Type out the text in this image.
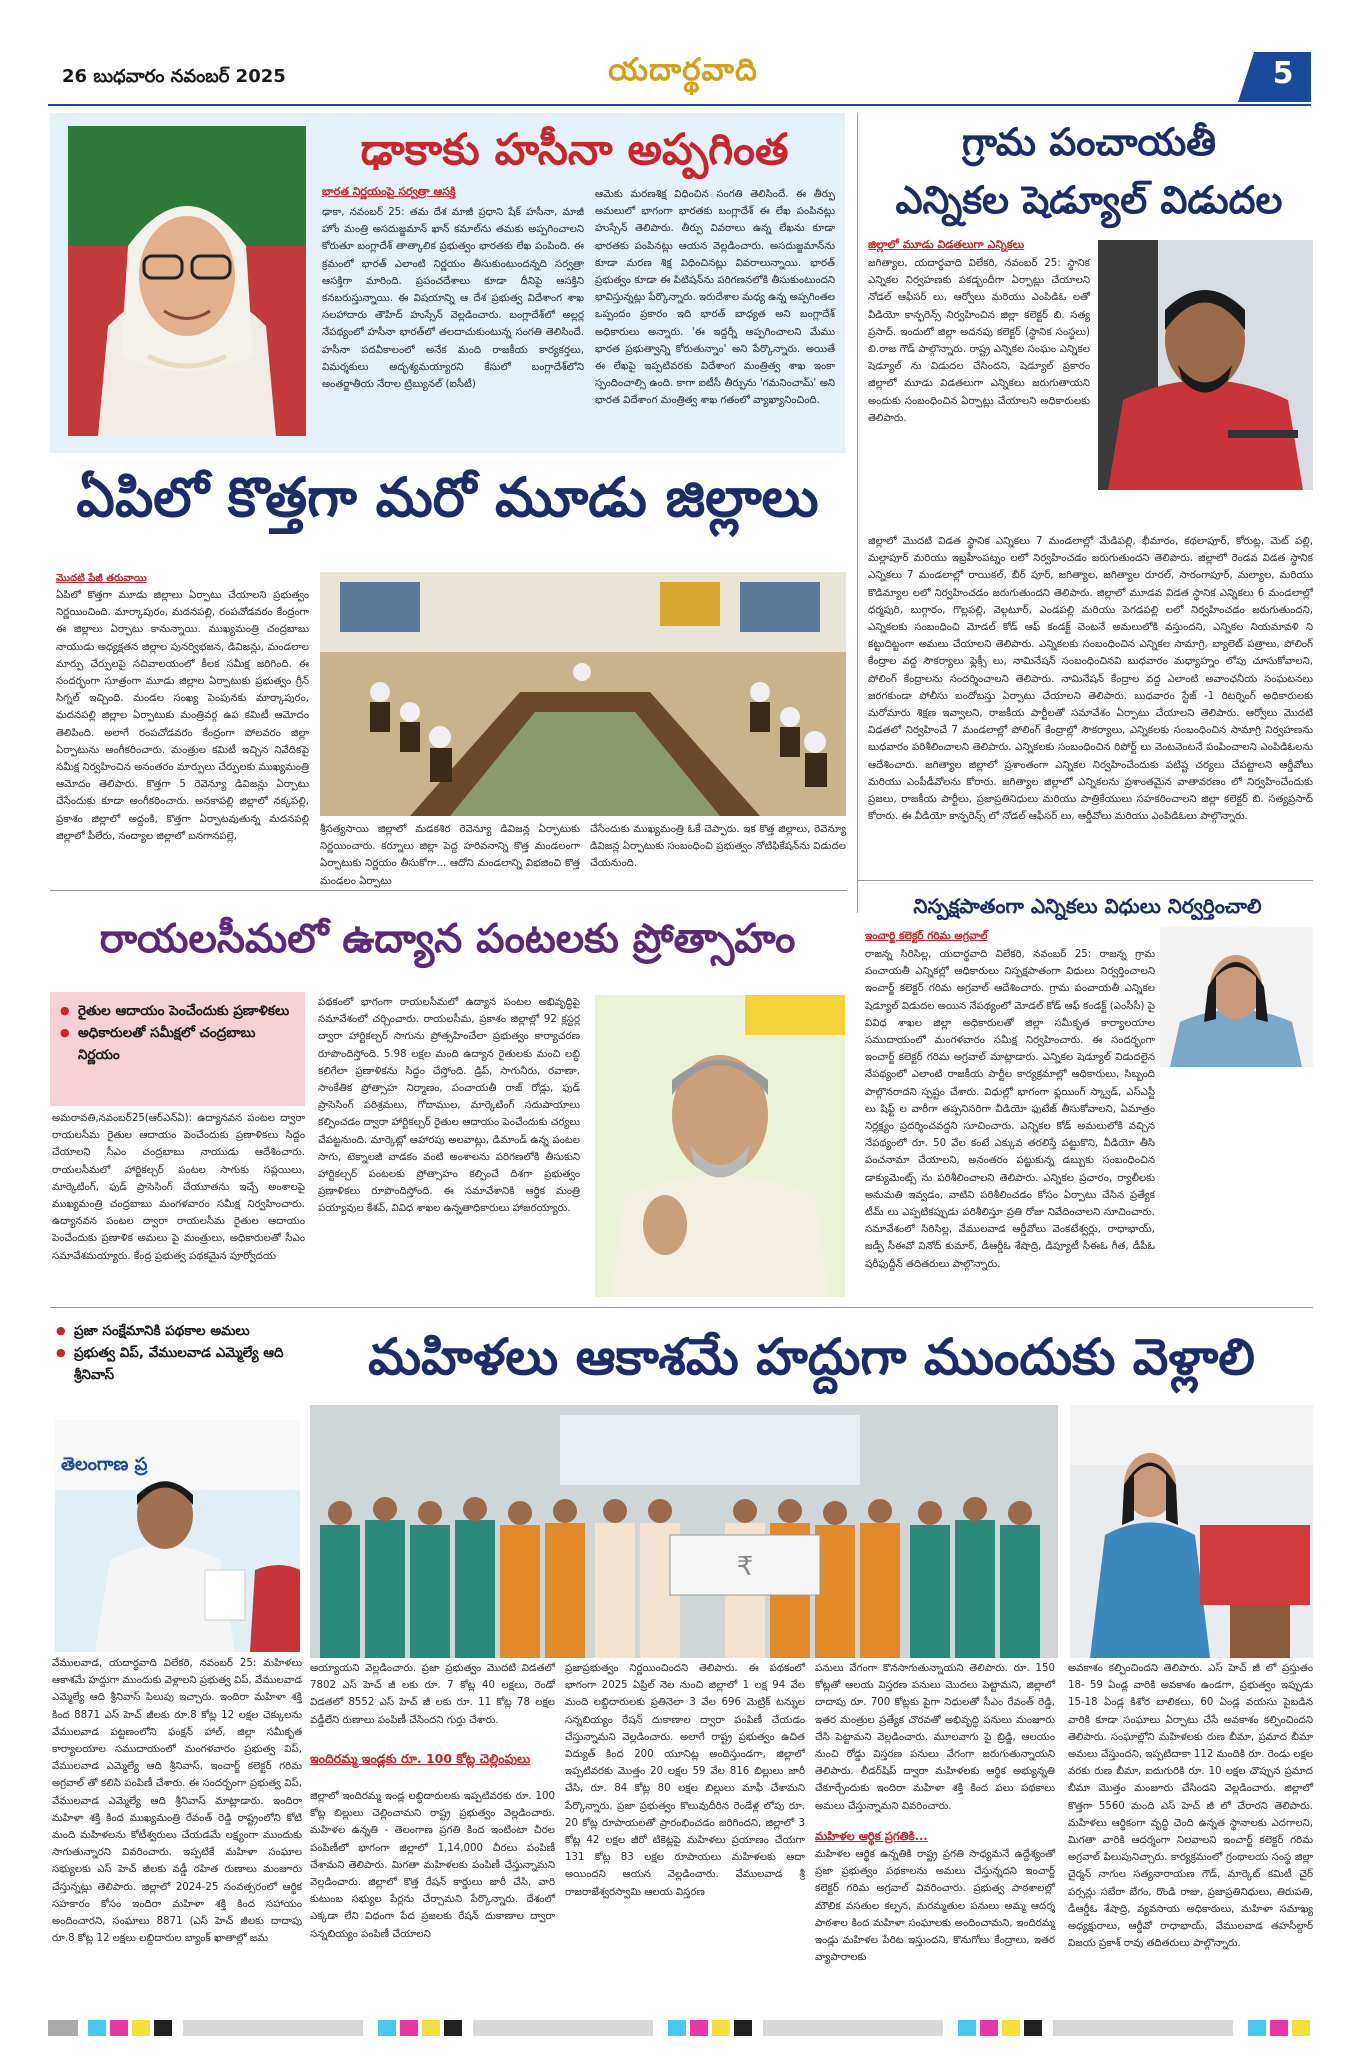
26 బుధవారం నవంబర్ 2025	యదార్థవాది	5
ఢాకాకు హసీనా అప్పగింత
భారత నిర్ణయంపై సర్వత్రా ఆసక్తి
ఢాకా, నవంబర్ 25: తమ దేశ మాజీ ప్రధాని షేక్ హసీనా, మాజీ హోం మంత్రి అసదుజ్జమాన్ ఖాన్ కమాల్‌ను తమకు అప్పగించాలని కోరుతూ బంగ్లాదేశ్ తాత్కాలిక ప్రభుత్వం భారతకు లేఖ పంపింది. ఈ క్రమంలో భారత్ ఎలాంటి నిర్ణయం తీసుకుంటుందన్నది సర్వత్రా ఆసక్తిగా మారింది. ప్రపంచదేశాలు కూడా దీనిపై ఆసక్తిని కనబరుస్తున్నాయి. ఈ విషయాన్ని ఆ దేశ ప్రభుత్వ విదేశాంగ శాఖ సలహాదారు తౌహిద్ హుస్సేన్ వెల్లడించారు. బంగ్లాదేశ్‌లో అల్లర్ల నేపథ్యంలో హసీనా భారత్‌లో తలదాచుకుంటున్న సంగతి తెలిసిందే. హసీనా పదవీకాలంలో అనేక మంది రాజకీయ కార్యకర్తలు, విమర్శకులు అదృశ్యమయ్యారని కేసులో బంగ్లాదేశ్‌లోని అంతర్జాతీయ నేరాల ట్రిబ్యునల్ (ఐసీటీ)
ఆమెకు మరణశిక్ష విధించిన సంగతి తెలిసిందే. ఈ తీర్పు అమలులో భాగంగా భారతకు బంగ్లాదేశ్ ఈ లేఖ పంపినట్లు హుస్సేన్ తెలిపారు. తీర్పు వివరాలు ఉన్న లేఖను కూడా భారతకు పంపినట్లు ఆయన వెల్లడించారు. అసదుజ్జమాన్‌ను కూడా మరణ శిక్ష విధించినట్లు వివరాలున్నాయి. భారత్ ప్రభుత్వం కూడా ఈ పిటిషన్‌ను పరిగణనలోకి తీసుకుంటుందని భావిస్తున్నట్లు పేర్కొన్నారు. ఇరుదేశాల మధ్య ఉన్న అప్పగింతల ఒప్పందం ప్రకారం ఇది భారత్ బాధ్యత అని బంగ్లాదేశ్ అధికారులు అన్నారు. 'ఈ ఇద్దర్నీ అప్పగించాలని మేము భారత ప్రభుత్వాన్ని కోరుతున్నాం' అని పేర్కొన్నారు. అయితే ఈ లేఖపై ఇప్పటివరకు విదేశాంగ మంత్రిత్వ శాఖ ఇంకా స్పందించాల్సి ఉంది. కాగా ఐటీసీ తీర్పును 'గమనించామ్' అని భారత విదేశాంగ మంత్రిత్వ శాఖ గతంలో వ్యాఖ్యానించింది.
గ్రామ పంచాయతీ
ఎన్నికల షెడ్యూల్ విడుదల
జిల్లాలో మూడు విడతలుగా ఎన్నికలు
జగిత్యాల, యదార్థవాది విలేకరి, నవంబర్ 25: స్థానిక ఎన్నికల నిర్వహణకు పకడ్బందీగా ఏర్పాట్లు చేయాలని నోడల్ ఆఫీసర్ లు, ఆర్వోలు మరియు ఎంపిడిఓ లతో వీడియో కాన్ఫరెన్స్ నిర్వహించిన జిల్లా కలెక్టర్ బి. సత్య ప్రసాద్. ఇందులో జిల్లా అదనపు కలెక్టర్ (స్థానిక సంస్థలు) బి.రాజ గౌడ్ పాల్గొన్నారు. రాష్ట్ర ఎన్నికల సంఘం ఎన్నికల షెడ్యూల్ ను విడుదల చేసిందని, షెడ్యూల్ ప్రకారం జిల్లాలో మూడు విడతలుగా ఎన్నికలు జరుగుతాయని అందుకు సంబంధించిన ఏర్పాట్లు చేయాలని అధికారులకు తెలిపారు.
జిల్లాలో మొదటి విడత స్థానిక ఎన్నికలు 7 మండలాల్లో మేడిపల్లి, భీమారం, కథలాపూర్, కోరుట్ల, మెట్ పల్లి, మల్లాపూర్ మరియు ఇబ్రహీంపట్నం లలో నిర్వహించడం జరుగుతుందని తెలిపారు. జిల్లాలో రెండవ విడత స్థానిక ఎన్నికలు 7 మండలాల్లో రాయికల్, బీర్ పూర్, జగిత్యాల, జగిత్యాల రూరల్, సారంగాపూర్, మల్యాల, మరియు కొడిమ్యాల లలో నిర్వహించడం జరుగుతుందని తెలిపారు. జిల్లాలో మూడవ విడత స్థానిక ఎన్నికలు 6 మండలాల్లో ధర్మపురి, బుగ్గారం, గొల్లపల్లి, వెల్గటూర్, ఎండపల్లి మరియు పెగడపల్లి లలో నిర్వహించడం జరుగుతుందని, ఎన్నికలకు సంబంధించి మోడల్ కోడ్ ఆఫ్ కండక్ట్ వెంటనే అమలులోకి వస్తుందని, ఎన్నికల నియమావళి ని కట్టుదిట్టంగా అమలు చేయాలని తెలిపారు. ఎన్నికలకు సంబంధించిన ఎన్నికల సామాగ్రి, బ్యాలెట్ పత్రాలు, పోలింగ్ కేంద్రాల వద్ద సౌకర్యాలు ఫ్లెక్సీ లు, నామినేషన్ సంబంధించినవి బుధవారం మధ్యాహ్నం లోపు చూసుకోవాలని, పోలింగ్ కేంద్రాలను సందర్శించాలని తెలిపారు. నామినేషన్ కేంద్రాల వద్ద ఎలాంటి అవాంఛనీయ సంఘటనలు జరగకుండా పోలీసు బందోబస్తు ఏర్పాటు చేయాలని తెలిపారు. బుధవారం స్టేజ్ -1 రిటర్నింగ్ అధికారులకు మరోమారు శిక్షణ ఇవ్వాలని, రాజకీయ పార్టీలతో సమావేశం ఏర్పాటు చేయాలని తెలిపారు. ఆర్వోలు మొదటి విడతలో నిర్వహించే 7 మండలాల్లో పోలింగ్ కేంద్రాల్లో సౌకర్యాలు, ఎన్నికలకు సంబంధించిన సామాగ్రి నిర్వహణను బుధవారం పరిశీలించాలని తెలిపారు. ఎన్నికలకు సంబంధించిన రిపోర్ట్ లు వెంటవెంటనే పంపించాలని ఎంపిడిఓలను ఆదేశించారు. జగిత్యాల జిల్లాలో ప్రశాంతంగా ఎన్నికల నిర్వహించేందుకు పటిష్ట చర్యలు చేపట్టాలని ఆర్డీవోలు మరియు ఎంపీడీవోలను కోరారు. జగిత్యాల జిల్లాలో ఎన్నికలను ప్రశాంతమైన వాతావరణం లో నిర్వహించేందుకు ప్రజలు, రాజకీయ పార్టీలు, ప్రజాప్రతినిధులు మరియు పాత్రికేయులు సహకరించాలని జిల్లా కలెక్టర్ బి. సత్యప్రసాద్ కోరారు. ఈ వీడియో కాన్ఫరెన్స్ లో నోడల్ ఆఫీసర్ లు, ఆర్డీవోలు మరియు ఎంపిడిఓలు పాల్గొన్నారు.
ఏపిలో కొత్తగా మరో మూడు జిల్లాలు
మొదటి పేజీ తరువాయి
ఏపిలో కొత్తగా మూడు జిల్లాలు ఏర్పాటు చేయాలని ప్రభుత్వం నిర్ణయించింది. మార్కాపురం, మదనపల్లి, రంపచోడవరం కేంద్రంగా ఈ జిల్లాలు ఏర్పాటు కానున్నాయి. ముఖ్యమంత్రి చంద్రబాబు నాయుడు అధ్యక్షతన జిల్లాల పునర్విభజన, డివిజన్లు, మండలాల మార్పు చేర్పులపై సచివాలయంలో కీలక సమీక్ష జరిగింది. ఈ సందర్భంగా సూత్రంగా మూడు జిల్లాల ఏర్పాటుకు ప్రభుత్వం గ్రీన్ సిగ్నల్ ఇచ్చింది. మండల సంఖ్య పెంపునకు మార్కాపురం, మదనపల్లి జిల్లాల ఏర్పాటుకు మంత్రివర్గ ఉప కమిటీ ఆమోదం తెలిపింది. అలాగే రంపచోడవరం కేంద్రంగా పోలవరం జిల్లా ఏర్పాటును అంగీకరించారు. మంత్రుల కమిటీ ఇచ్చిన నివేదికపై సమీక్ష నిర్వహించిన అనంతరం మార్పులు చేర్పులకు ముఖ్యమంత్రి ఆమోదం తెలిపారు. కొత్తగా 5 రెవెన్యూ డివిజన్లు ఏర్పాటు చేసేందుకు కూడా అంగీకరించారు. అనకాపల్లి జిల్లాలో నక్కపల్లి, ప్రకాశం జిల్లాలో అద్దంకి, కొత్తగా ఏర్పాటవుతున్న మదనపల్లి జిల్లాలో పీలేరు, నంద్యాల జిల్లాలో బనగానపల్లె,
శ్రీసత్యసాయి జిల్లాలో మడకశిర రెవెన్యూ డివిజన్ల ఏర్పాటుకు నిర్ణయించారు. కర్నూలు జిల్లా పెద్ద హరివనాన్ని కొత్త మండలంగా ఏర్పాటుకు నిర్ణయం తీసుకోగా... ఆదోని మండలాన్ని విభజించి కొత్త మండలం ఏర్పాటు
చేసేందుకు ముఖ్యమంత్రి ఓకే చెప్పారు. ఇక కొత్త జిల్లాలు, రెవెన్యూ డివిజన్ల ఏర్పాటుకు సంబంధించి ప్రభుత్వం నోటిఫికేషన్‌ను విడుదల చేయనుంది.
రాయలసీమలో ఉద్యాన పంటలకు ప్రోత్సాహం
● రైతుల ఆదాయం పెంచేందుకు ప్రణాళికలు
● అధికారులతో సమీక్షలో చంద్రబాబు నిర్ణయం
అమరావతి,నవంబర్25(ఆర్ఎన్ఏ): ఉద్యానవన పంటల ద్వారా రాయలసీమ రైతుల ఆదాయం పెంచేందుకు ప్రణాళికలు సిద్దం చేయాలని సీఎం చంద్రబాబు నాయుడు ఆదేశించారు. రాయలసీమలో హార్టికల్చర్ పంటల సాగుకు సప్లయిలు, మార్కెటింగ్, ఫుడ్ ప్రాసెసింగ్ చేయూతను ఇచ్చే అంశాలపై ముఖ్యమంత్రి చంద్రబాబు మంగళవారం సమీక్ష నిర్వహించారు. ఉద్యానవన పంటల ద్వారా రాయలసీమ రైతుల ఆదాయం పెంచేందుకు ప్రణాళిక అమలు పై మంత్రులు, అధికారులతో సీఎం సమావేశమయ్యారు. కేంద్ర ప్రభుత్వ పథకమైన పూర్వోదయ
పథకంలో భాగంగా రాయలసీమలో ఉద్యాన పంటల అభివృద్ధిపై సమావేశంలో చర్చించారు. రాయలసీమ, ప్రకాశం జిల్లాల్లో 92 క్లస్టర్ల ద్వారా హార్టికల్చర్ సాగును ప్రోత్సహించేలా ప్రభుత్వం కార్యాచరణ రూపొందిస్తోంది. 5.98 లక్షల మంది ఉద్యాన రైతులకు మంచి లబ్ధి కలిగేలా ప్రణాళికను సిద్ధం చేస్తోంది. డ్రిప్, సాగునీరు, రవాణా, సాంకేతిక ప్రోత్సాహ నిర్మాణం, పంచాయతీ రాజ్ రోడ్లు, ఫుడ్ ప్రాసెసింగ్ పరిశ్రమలు, గోదాముల, మార్కెటింగ్ సదుపాయాలు కల్పించడం ద్వారా హార్టికల్చర్ రైతుల ఆదాయం పెంచేందుకు చర్యలు చేపట్టనుంది. మార్కెట్లో ఆహారపు అలవాట్లు, డిమాండ్ ఉన్న పంటల సాగు, టెక్నాలజీ వాడకం వంటి అంశాలను పరిగణలోకి తీసుకుని హార్టికల్చర్ పంటలకు ప్రోత్సాహం కల్పించే దిశగా ప్రభుత్వం ప్రణాళికలు రూపొందిస్తోంది. ఈ సమావేశానికి ఆర్థిక మంత్రి పయ్యావుల కేశవ్, వివిధ శాఖల ఉన్నతాధికారులు హాజరయ్యారు.
నిస్పక్షపాతంగా ఎన్నికలు విధులు నిర్వర్తించాలి
ఇంచార్జి కలెక్టర్ గరిమ అగ్రవాల్
రాజన్న సిరిసిల్ల, యదార్థవాది విలేకరి, నవంబర్ 25: రాజన్న గ్రామ పంచాయతీ ఎన్నికల్లో అధికారులు నిస్పక్షపాతంగా విధులు నిర్వర్తించాలని ఇంచార్జ్ కలెక్టర్ గరిమ అగ్రవాల్ ఆదేశించారు. గ్రామ పంచాయతీ ఎన్నికల షెడ్యూల్ విడుదల అయిన నేపథ్యంలో మోడల్ కోడ్ ఆఫ్ కండక్ట్ (ఎంసీసీ) పై వివిధ శాఖల జిల్లా అధికారులతో జిల్లా సమీకృత కార్యాలయాల సముదాయంలో మంగళవారం సమీక్ష నిర్వహించారు. ఈ సందర్భంగా ఇంచార్జ్ కలెక్టర్ గరిమ అగ్రవాల్ మాట్లాడారు. ఎన్నికల షెడ్యూల్ విడుదలైన నేపథ్యంలో ఎలాంటి రాజకీయ పార్టీల కార్యక్రమాల్లో అధికారులు, సిబ్బంది పాల్గొనరాదని స్పష్టం చేశారు. విధుల్లో భాగంగా ఫ్లయింగ్ స్క్వాడ్, ఎస్ఎస్టీ లు షిఫ్ట్ ల వారీగా తప్పనిసరిగా వీడియో ఫుటేజ్ తీసుకోవాలని, ఏమాత్రం నిర్లక్ష్యం ప్రదర్శించవద్దని సూచించారు. ఎన్నికల కోడ్ అమలులోకి వచ్చిన నేపథ్యంలో రూ. 50 వేల కంటే ఎక్కువ తరలిస్తే పట్టుకొని, వీడియో తీసి పంచనామా చేయాలని, అనంతరం పట్టుకున్న డబ్బుకు సంబంధించిన డాక్యుమెంట్స్ ను పరిశీలించాలని తెలిపారు. ఎన్నికల ప్రచారం, ర్యాలీలకు అనుమతి ఇవ్వడం, వాటిని పరిశీలించడం కోసం ఏర్పాటు చేసిన ప్రత్యేక టీమ్ లు ఎప్పటికప్పుడు పరిశీలిస్తూ ప్రతి రోజు నివేదించాలని సూచించారు. సమావేశంలో సిరిసిల్ల, వేములవాడ ఆర్డీవోలు వెంకటేశ్వర్లు, రాధాభాయ్, జడ్పీ సీఈవో వినోద్ కుమార్, డీఆర్డీఓ శేషాద్రి, డిప్యూటీ సీఈఓ గీత, డీపీఓ షరీఫుద్దీన్ తదితరులు పాల్గొన్నారు.
● ప్రజా సంక్షేమానికి పథకాల అమలు
● ప్రభుత్వ విప్, వేములవాడ ఎమ్మెల్యే ఆది శ్రీనివాస్	మహిళలు ఆకాశమే హద్దుగా ముందుకు వెళ్లాలి
తెలంగాణ ప్ర
వేములవాడ, యదార్థవాది విలేకరి, నవంబర్ 25: మహిళలు ఆకాశమే హద్దుగా ముందుకు వెళ్లాలని ప్రభుత్వ విప్, వేములవాడ ఎమ్మెల్యే ఆది శ్రీనివాస్ పిలుపు ఇచ్చారు. ఇందిరా మహిళా శక్తి కింద 8871 ఎస్ హెచ్ జీలకు రూ.8 కోట్ల 12 లక్షల చెక్కులను వేములవాడ పట్టణంలోని ఫంక్షన్ హాల్, జిల్లా సమీకృత కార్యాలయాల సముదాయంలో మంగళవారం ప్రభుత్వ విప్, వేములవాడ ఎమ్మెల్యే ఆది శ్రీనివాస్, ఇంచార్జ్ కలెక్టర్ గరిమ అగ్రవాల్ తో కలిసి పంపిణీ చేశారు. ఈ సందర్భంగా ప్రభుత్వ విప్, వేములవాడ ఎమ్మెల్యే ఆది శ్రీనివాస్ మాట్లాడారు. ఇందిరా మహిళా శక్తి కింద ముఖ్యమంత్రి రేవంత్ రెడ్డి రాష్ట్రంలోని కోటి మంది మహిళలను కోటీశ్వరులు చేయడమే లక్ష్యంగా ముందుకు సాగుతున్నారని వివరించారు. ఇప్పటికే మహిళా సంఘాల సభ్యులకు ఎస్ హెచ్ జీలకు వడ్డీ రహిత రుణాలు మంజూరు చేస్తున్నట్లు తెలిపారు. జిల్లాలో 2024-25 సంవత్సరంలో ఆర్థిక సహకారం కోసం ఇందిరా మహిళా శక్తి కింద సహాయం అందించారని, సంఘాలు 8871 (ఎస్ హెచ్ జీలకు దాదాపు రూ.8 కోట్ల 12 లక్షలు లబ్దిదారుల బ్యాంక్ ఖాతాల్లో జమ
₹
అయ్యాయని వెల్లడించారు. ప్రజా ప్రభుత్వం మొదటి విడతలో 7802 ఎస్ హెచ్ జీ లకు రూ. 7 కోట్ల 40 లక్షలు, రెండో విడతలో 8552 ఎస్ హెచ్ జీ లకు రూ. 11 కోట్ల 78 లక్షల వడ్డీలేని రుణాలు పంపిణీ చేసిందని గుర్తు చేశారు.
ఇందిరమ్మ ఇండ్లకు రూ. 100 కోట్ల చెల్లింపులు
జిల్లాలో ఇందిరమ్మ ఇండ్ల లబ్ధిదారులకు ఇప్పటివరకు రూ. 100 కోట్ల బిల్లులు చెల్లించామని రాష్ట్ర ప్రభుత్వం వెల్లడించారు. మహిళల ఉన్నతి - తెలంగాణ ప్రగతి కింద ఇంటింటా చీరల పంపిణీలో భాగంగా జిల్లాలో 1,14,000 చీరలు పంపిణీ చేశామని తెలిపారు. మిగతా మహిళలకు పంపిణీ చేస్తున్నామని వెల్లడించారు. జిల్లాలో కొత్త రేషన్ కార్డులు జారీ చేసి, వారి కుటుంబ సభ్యుల పేర్లను చేర్చామని పేర్కొన్నారు. దేశంలో ఎక్కడా లేని విధంగా పేద ప్రజలకు రేషన్ దుకాణాల ద్వారా సన్నబియ్యం పంపిణీ చేయాలని
ప్రజాప్రభుత్వం నిర్ణయించిందని తెలిపారు. ఈ పథకంలో భాగంగా 2025 ఏప్రిల్ నెల నుంచి జిల్లాలో 1 లక్ష 94 వేల మంది లబ్దిదారులకు ప్రతినెలా 3 వేల 696 మెట్రిక్ టన్నుల సన్నబియ్యం రేషన్ దుకాణాల ద్వారా పంపిణీ చేయడం చేస్తున్నామని వెల్లడించారు. అలాగే రాష్ట్ర ప్రభుత్వం ఉచిత విద్యుత్ కింద 200 యూనిట్ల అందిస్తుండగా, జిల్లాలో ఇప్పటివరకు మొత్తం 20 లక్షల 59 వేల 816 బిల్లులు జారీ చేసి, రూ. 84 కోట్ల 80 లక్షల బిల్లులు మాఫీ చేశామని పేర్కొన్నారు. ప్రజా ప్రభుత్వం కొలువుదీరిన రెండేళ్ల లోపు రూ. 20 కోట్ల రూపాయలతో ప్రారంభించడం జరిగిందని, జిల్లాలో 3 కోట్ల 42 లక్షల జీరో టికెట్లపై మహిళలు ప్రయాణం చేయగా 131 కోట్ల 83 లక్షల రూపాయలు మహిళలకు ఆదా అయిందని ఆయన వెల్లడించారు. వేములవాడ శ్రీ రాజరాజేశ్వరస్వామి ఆలయ విస్తరణ
పనులు వేగంగా కొనసాగుతున్నాయని తెలిపారు. రూ. 150 కోట్లతో ఆలయ విస్తరణ పనులు మొదలు పెట్టామని, జిల్లాలో దాదాపు రూ. 700 కోట్లకు పైగా నిధులతో సీఎం రేవంత్ రెడ్డి, ఇతర మంత్రుల ప్రత్యేక చొరవతో అభివృద్ధి పనులు మంజూరు చేసి పెట్టామని వెల్లడించారు. మూలవాగు పై బ్రిడ్జి, ఆలయం నుంచి రోడ్డు విస్తరణ పనులు వేగంగా జరుగుతున్నాయని తెలిపారు. లీడర్‌షిప్ ద్వారా మహిళలకు ఆర్థిక అభ్యున్నతి చేకూర్చేందుకు ఇందిరా మహిళా శక్తి కింద పలు పథకాలు అమలు చేస్తున్నామని వివరించారు.
మహిళల ఆర్థిక ప్రగతికి...
మహిళల ఆర్థిక ఉన్నతికి రాష్ట్ర ప్రగతి సాధ్యమనే ఉద్దేశ్యంతో ప్రజా ప్రభుత్వం పథకాలను అమలు చేస్తున్నదని ఇంచార్జ్ కలెక్టర్ గరిమ అగ్రవాల్ వివరించారు. ప్రభుత్వ పాఠశాలల్లో మౌలిక వసతుల కల్పన, మరమ్మతుల పనులు అమ్మ ఆదర్శ పాఠశాల కింద మహిళా సంఘాలకు అందించామని, ఇందిరమ్మ ఇండ్లు మహిళల పేరిట ఇస్తుందని, కొనుగోలు కేంద్రాలు, ఇతర వ్యాపారాలకు
అవకాశం కల్పించిందని తెలిపారు. ఎస్ హెచ్ జీ లో ప్రస్తుతం 18- 59 ఏండ్ల వారికి అవకాశం ఉండగా, ప్రభుత్వం ఇప్పుడు 15-18 ఏండ్ల కిశోర బాలికలు, 60 ఏండ్ల వయసు పైబడిన వారికి కూడా సంఘాలు ఏర్పాటు చేసే అవకాశం కల్పించిందని తెలిపారు. సంఘాల్లోని మహిళలకు రుణ బీమా, ప్రమాద బీమా అమలు చేస్తుందని, ఇప్పటిదాకా 112 మందికి రూ. రెండు లక్షల వరకు రుణ బీమా, ఐదుగురికి రూ. 10 లక్షల చొప్పున ప్రమాద బీమా మొత్తం మంజూరు చేసిందని వెల్లడించారు. జిల్లాలో కొత్తగా 5560 మంది ఎస్ హెచ్ జీ లో చేరారని తెలిపారు. మహిళలు ఆర్థికంగా వృద్ధి చెంది ఉన్నత స్థానాలకు ఎదగాలని, మిగతా వారికి ఆదర్శంగా నిలవాలని ఇంచార్జ్ కలెక్టర్ గరిమ అగ్రవాల్ పిలుపునిచ్చారు. కార్యక్రమంలో గ్రంథాలయ సంస్థ జిల్లా చైర్మన్ నాగుల సత్యనారాయణ గౌడ్, మార్కెట్ కమిటీ చైర్ పర్సన్లు సబేరా బేగం, రొండి రాజు, ప్రజాప్రతినిధులు, తిరుపతి, డీఆర్డీఓ శేషాద్రి, వ్యవసాయ అధికారులు, మహిళా సమాఖ్య అధ్యక్షురాలు, ఆర్డీవో రాధాభాయ్, వేములవాడ తహసీల్దార్ విజయ ప్రకాశ్ రావు తదితరులు పాల్గొన్నారు.
